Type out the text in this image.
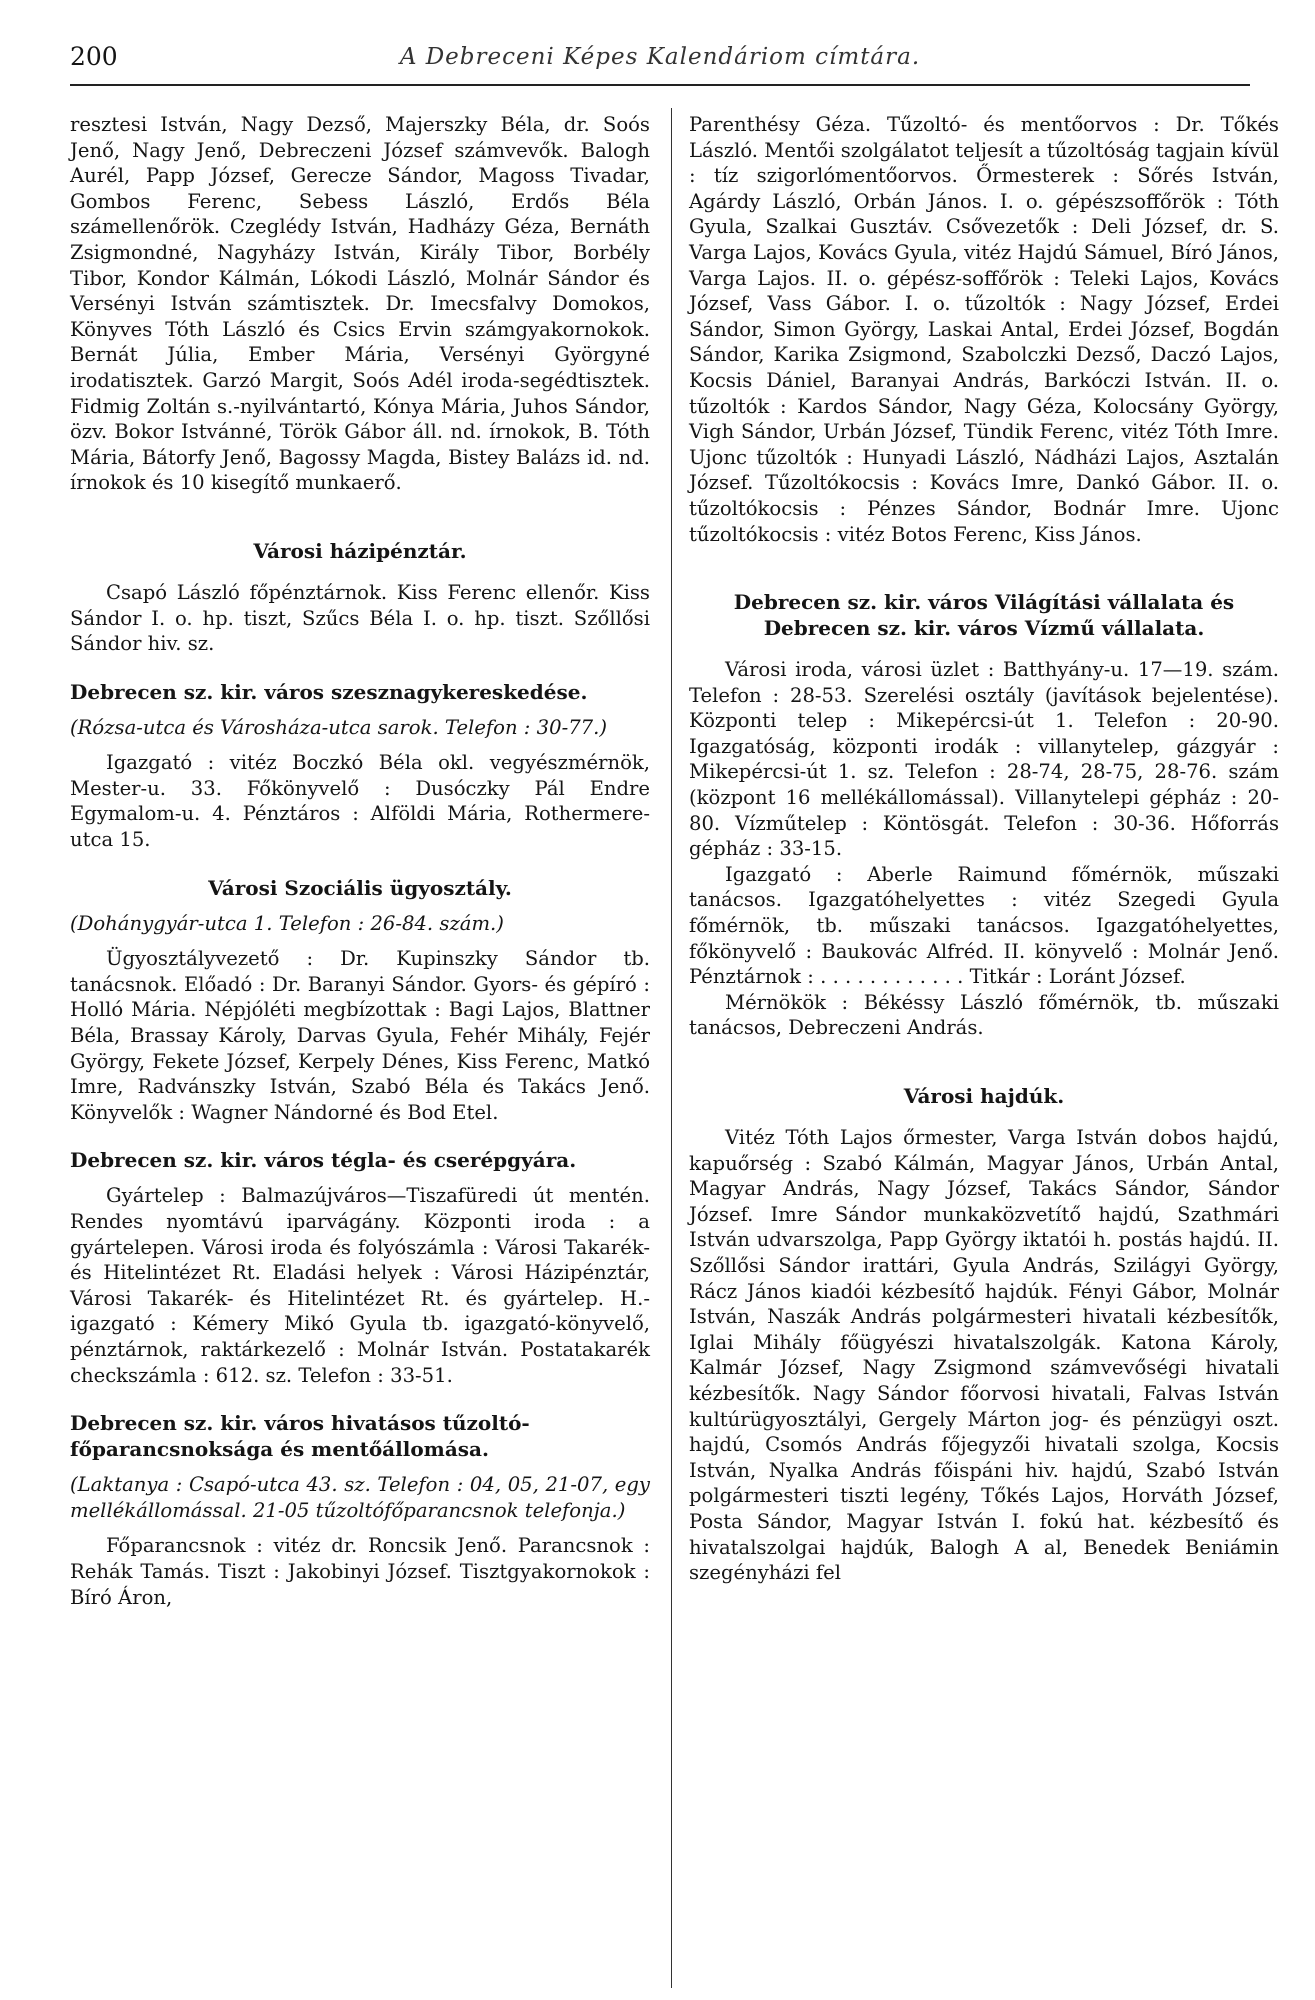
200	A Debreceni Képes Kalendáriom címtára.

resztesi István, Nagy Dezső, Majerszky Béla, dr. Soós Jenő, Nagy Jenő, Debreczeni József számvevők. Balogh Aurél, Papp József, Gerecze Sándor, Magoss Tivadar, Gombos Ferenc, Sebess László, Erdős Béla számellenőrök. Czeglédy István, Hadházy Géza, Bernáth Zsigmondné, Nagyházy István, Király Tibor, Borbély Tibor, Kondor Kálmán, Lókodi László, Molnár Sándor és Versényi István számtisztek. Dr. Imecsfalvy Domokos, Könyves Tóth László és Csics Ervin számgyakornokok. Bernát Júlia, Ember Mária, Versényi Györgyné irodatisztek. Garzó Margit, Soós Adél iroda-segédtisztek. Fidmig Zoltán s.-nyilvántartó, Kónya Mária, Juhos Sándor, özv. Bokor Istvánné, Török Gábor áll. nd. írnokok, B. Tóth Mária, Bátorfy Jenő, Bagossy Magda, Bistey Balázs id. nd. írnokok és 10 kisegítő munkaerő.

Városi házipénztár.

Csapó László főpénztárnok. Kiss Ferenc ellenőr. Kiss Sándor I. o. hp. tiszt, Szűcs Béla I. o. hp. tiszt. Szőllősi Sándor hiv. sz.

Debrecen sz. kir. város szesznagykereskedése.

(Rózsa-utca és Városháza-utca sarok. Telefon : 30-77.)

Igazgató : vitéz Boczkó Béla okl. vegyészmérnök, Mester-u. 33. Főkönyvelő : Dusóczky Pál Endre Egymalom-u. 4. Pénztáros : Alföldi Mária, Rothermere-utca 15.

Városi Szociális ügyosztály.

(Dohánygyár-utca 1. Telefon : 26-84. szám.)

Ügyosztályvezető : Dr. Kupinszky Sándor tb. tanácsnok. Előadó : Dr. Baranyi Sándor. Gyors- és gépíró : Holló Mária. Népjóléti megbízottak : Bagi Lajos, Blattner Béla, Brassay Károly, Darvas Gyula, Fehér Mihály, Fejér György, Fekete József, Kerpely Dénes, Kiss Ferenc, Matkó Imre, Radvánszky István, Szabó Béla és Takács Jenő. Könyvelők : Wagner Nándorné és Bod Etel.

Debrecen sz. kir. város tégla- és cserépgyára.

Gyártelep : Balmazújváros—Tiszafüredi út mentén. Rendes nyomtávú iparvágány. Központi iroda : a gyártelepen. Városi iroda és folyószámla : Városi Takarék- és Hitelintézet Rt. Eladási helyek : Városi Házipénztár, Városi Takarék- és Hitelintézet Rt. és gyártelep. H.-igazgató : Kémery Mikó Gyula tb. igazgató-könyvelő, pénztárnok, raktárkezelő : Molnár István. Postatakarék checkszámla : 612. sz. Telefon : 33-51.

Debrecen sz. kir. város hivatásos tűzoltó-főparancsnoksága és mentőállomása.

(Laktanya : Csapó-utca 43. sz. Telefon : 04, 05, 21-07, egy mellékállomással. 21-05 tűzoltófőparancsnok telefonja.)

Főparancsnok : vitéz dr. Roncsik Jenő. Parancsnok : Rehák Tamás. Tiszt : Jakobinyi József. Tisztgyakornokok : Bíró Áron,

Parenthésy Géza. Tűzoltó- és mentőorvos : Dr. Tőkés László. Mentői szolgálatot teljesít a tűzoltóság tagjain kívül : tíz szigorlómentőorvos. Őrmesterek : Sőrés István, Agárdy László, Orbán János. I. o. gépészsoffőrök : Tóth Gyula, Szalkai Gusztáv. Csővezetők : Deli József, dr. S. Varga Lajos, Kovács Gyula, vitéz Hajdú Sámuel, Bíró János, Varga Lajos. II. o. gépész-soffőrök : Teleki Lajos, Kovács József, Vass Gábor. I. o. tűzoltók : Nagy József, Erdei Sándor, Simon György, Laskai Antal, Erdei József, Bogdán Sándor, Karika Zsigmond, Szabolczki Dezső, Daczó Lajos, Kocsis Dániel, Baranyai András, Barkóczi István. II. o. tűzoltók : Kardos Sándor, Nagy Géza, Kolocsány György, Vigh Sándor, Urbán József, Tündik Ferenc, vitéz Tóth Imre. Ujonc tűzoltók : Hunyadi László, Nádházi Lajos, Asztalán József. Tűzoltókocsis : Kovács Imre, Dankó Gábor. II. o. tűzoltókocsis : Pénzes Sándor, Bodnár Imre. Ujonc tűzoltókocsis : vitéz Botos Ferenc, Kiss János.

Debrecen sz. kir. város Világítási vállalata és Debrecen sz. kir. város Vízmű vállalata.

Városi iroda, városi üzlet : Batthyány-u. 17—19. szám. Telefon : 28-53. Szerelési osztály (javítások bejelentése). Központi telep : Mikepércsi-út 1. Telefon : 20-90. Igazgatóság, központi irodák : villanytelep, gázgyár : Mikepércsi-út 1. sz. Telefon : 28-74, 28-75, 28-76. szám (központ 16 mellékállomással). Villanytelepi gépház : 20-80. Vízműtelep : Köntösgát. Telefon : 30-36. Hőforrás gépház : 33-15.

Igazgató : Aberle Raimund főmérnök, műszaki tanácsos. Igazgatóhelyettes : vitéz Szegedi Gyula főmérnök, tb. műszaki tanácsos. Igazgatóhelyettes, főkönyvelő : Baukovác Alfréd. II. könyvelő : Molnár Jenő. Pénztárnok : . . . . . . . . . . . . Titkár : Loránt József.

Mérnökök : Békéssy László főmérnök, tb. műszaki tanácsos, Debreczeni András.

Városi hajdúk.

Vitéz Tóth Lajos őrmester, Varga István dobos hajdú, kapuőrség : Szabó Kálmán, Magyar János, Urbán Antal, Magyar András, Nagy József, Takács Sándor, Sándor József. Imre Sándor munkaközvetítő hajdú, Szathmári István udvarszolga, Papp György iktatói h. postás hajdú. II. Szőllősi Sándor irattári, Gyula András, Szilágyi György, Rácz János kiadói kézbesítő hajdúk. Fényi Gábor, Molnár István, Naszák András polgármesteri hivatali kézbesítők, Iglai Mihály főügyészi hivatalszolgák. Katona Károly, Kalmár József, Nagy Zsigmond számvevőségi hivatali kézbesítők. Nagy Sándor főorvosi hivatali, Falvas István kultúrügyosztályi, Gergely Márton jog- és pénzügyi oszt. hajdú, Csomós András főjegyzői hivatali szolga, Kocsis István, Nyalka András főispáni hiv. hajdú, Szabó István polgármesteri tiszti legény, Tőkés Lajos, Horváth József, Posta Sándor, Magyar István I. fokú hat. kézbesítő és hivatalszolgai hajdúk, Balogh A al, Benedek Beniámin szegényházi fel
